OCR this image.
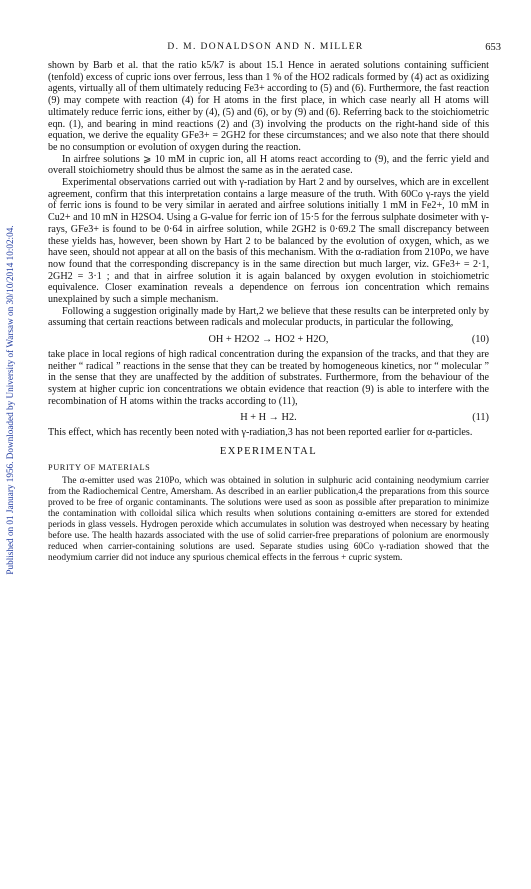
D. M. DONALDSON AND N. MILLER	653
Published on 01 January 1956. Downloaded by University of Warsaw on 30/10/2014 10:02:04.

shown by Barb et al. that the ratio k5/k7 is about 15.1 Hence in aerated solutions containing sufficient (tenfold) excess of cupric ions over ferrous, less than 1 % of the HO2 radicals formed by (4) act as oxidizing agents, virtually all of them ultimately reducing Fe3+ according to (5) and (6). Furthermore, the fast reaction (9) may compete with reaction (4) for H atoms in the first place, in which case nearly all H atoms will ultimately reduce ferric ions, either by (4), (5) and (6), or by (9) and (6). Referring back to the stoichiometric eqn. (1), and bearing in mind reactions (2) and (3) involving the products on the right-hand side of this equation, we derive the equality GFe3+ = 2GH2 for these circumstances; and we also note that there should be no consumption or evolution of oxygen during the reaction.

In airfree solutions ⩾ 10 mM in cupric ion, all H atoms react according to (9), and the ferric yield and overall stoichiometry should thus be almost the same as in the aerated case.

Experimental observations carried out with γ-radiation by Hart 2 and by ourselves, which are in excellent agreement, confirm that this interpretation contains a large measure of the truth. With 60Co γ-rays the yield of ferric ions is found to be very similar in aerated and airfree solutions initially 1 mM in Fe2+, 10 mM in Cu2+ and 10 mN in H2SO4. Using a G-value for ferric ion of 15·5 for the ferrous sulphate dosimeter with γ-rays, GFe3+ is found to be 0·64 in airfree solution, while 2GH2 is 0·69.2 The small discrepancy between these yields has, however, been shown by Hart 2 to be balanced by the evolution of oxygen, which, as we have seen, should not appear at all on the basis of this mechanism. With the α-radiation from 210Po, we have now found that the corresponding discrepancy is in the same direction but much larger, viz. GFe3+ = 2·1, 2GH2 = 3·1 ; and that in airfree solution it is again balanced by oxygen evolution in stoichiometric equivalence. Closer examination reveals a dependence on ferrous ion concentration which remains unexplained by such a simple mechanism.

Following a suggestion originally made by Hart,2 we believe that these results can be interpreted only by assuming that certain reactions between radicals and molecular products, in particular the following,

OH + H2O2 → HO2 + H2O,	(10)

take place in local regions of high radical concentration during the expansion of the tracks, and that they are neither “ radical ” reactions in the sense that they can be treated by homogeneous kinetics, nor “ molecular ” in the sense that they are unaffected by the addition of substrates. Furthermore, from the behaviour of the system at higher cupric ion concentrations we obtain evidence that reaction (9) is able to interfere with the recombination of H atoms within the tracks according to (11),

H + H → H2.	(11)

This effect, which has recently been noted with γ-radiation,3 has not been reported earlier for α-particles.

EXPERIMENTAL
PURITY OF MATERIALS

The α-emitter used was 210Po, which was obtained in solution in sulphuric acid containing neodymium carrier from the Radiochemical Centre, Amersham. As described in an earlier publication,4 the preparations from this source proved to be free of organic contaminants. The solutions were used as soon as possible after preparation to minimize the contamination with colloidal silica which results when solutions containing α-emitters are stored for extended periods in glass vessels. Hydrogen peroxide which accumulates in solution was destroyed when necessary by heating before use. The health hazards associated with the use of solid carrier-free preparations of polonium are enormously reduced when carrier-containing solutions are used. Separate studies using 60Co γ-radiation showed that the neodymium carrier did not induce any spurious chemical effects in the ferrous + cupric system.
